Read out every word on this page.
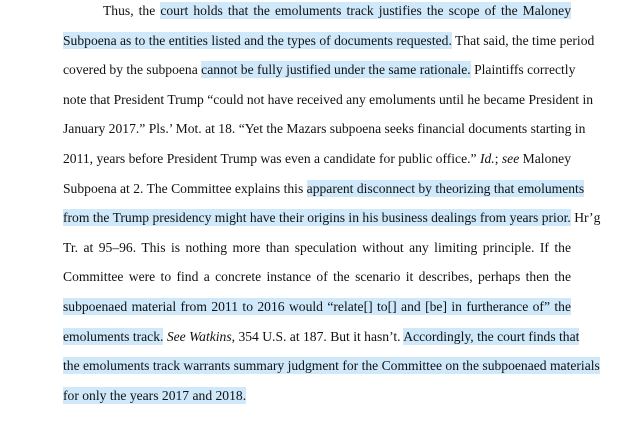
Thus, the court holds that the emoluments track justifies the scope of the Maloney
Subpoena as to the entities listed and the types of documents requested. That said, the time period
covered by the subpoena cannot be fully justified under the same rationale. Plaintiffs correctly
note that President Trump “could not have received any emoluments until he became President in
January 2017.” Pls.’ Mot. at 18. “Yet the Mazars subpoena seeks financial documents starting in
2011, years before President Trump was even a candidate for public office.” Id.; see Maloney
Subpoena at 2. The Committee explains this apparent disconnect by theorizing that emoluments
from the Trump presidency might have their origins in his business dealings from years prior. Hr’g
Tr. at 95–96. This is nothing more than speculation without any limiting principle. If the
Committee were to find a concrete instance of the scenario it describes, perhaps then the
subpoenaed material from 2011 to 2016 would “relate[] to[] and [be] in furtherance of” the
emoluments track. See Watkins, 354 U.S. at 187. But it hasn’t. Accordingly, the court finds that
the emoluments track warrants summary judgment for the Committee on the subpoenaed materials
for only the years 2017 and 2018.
